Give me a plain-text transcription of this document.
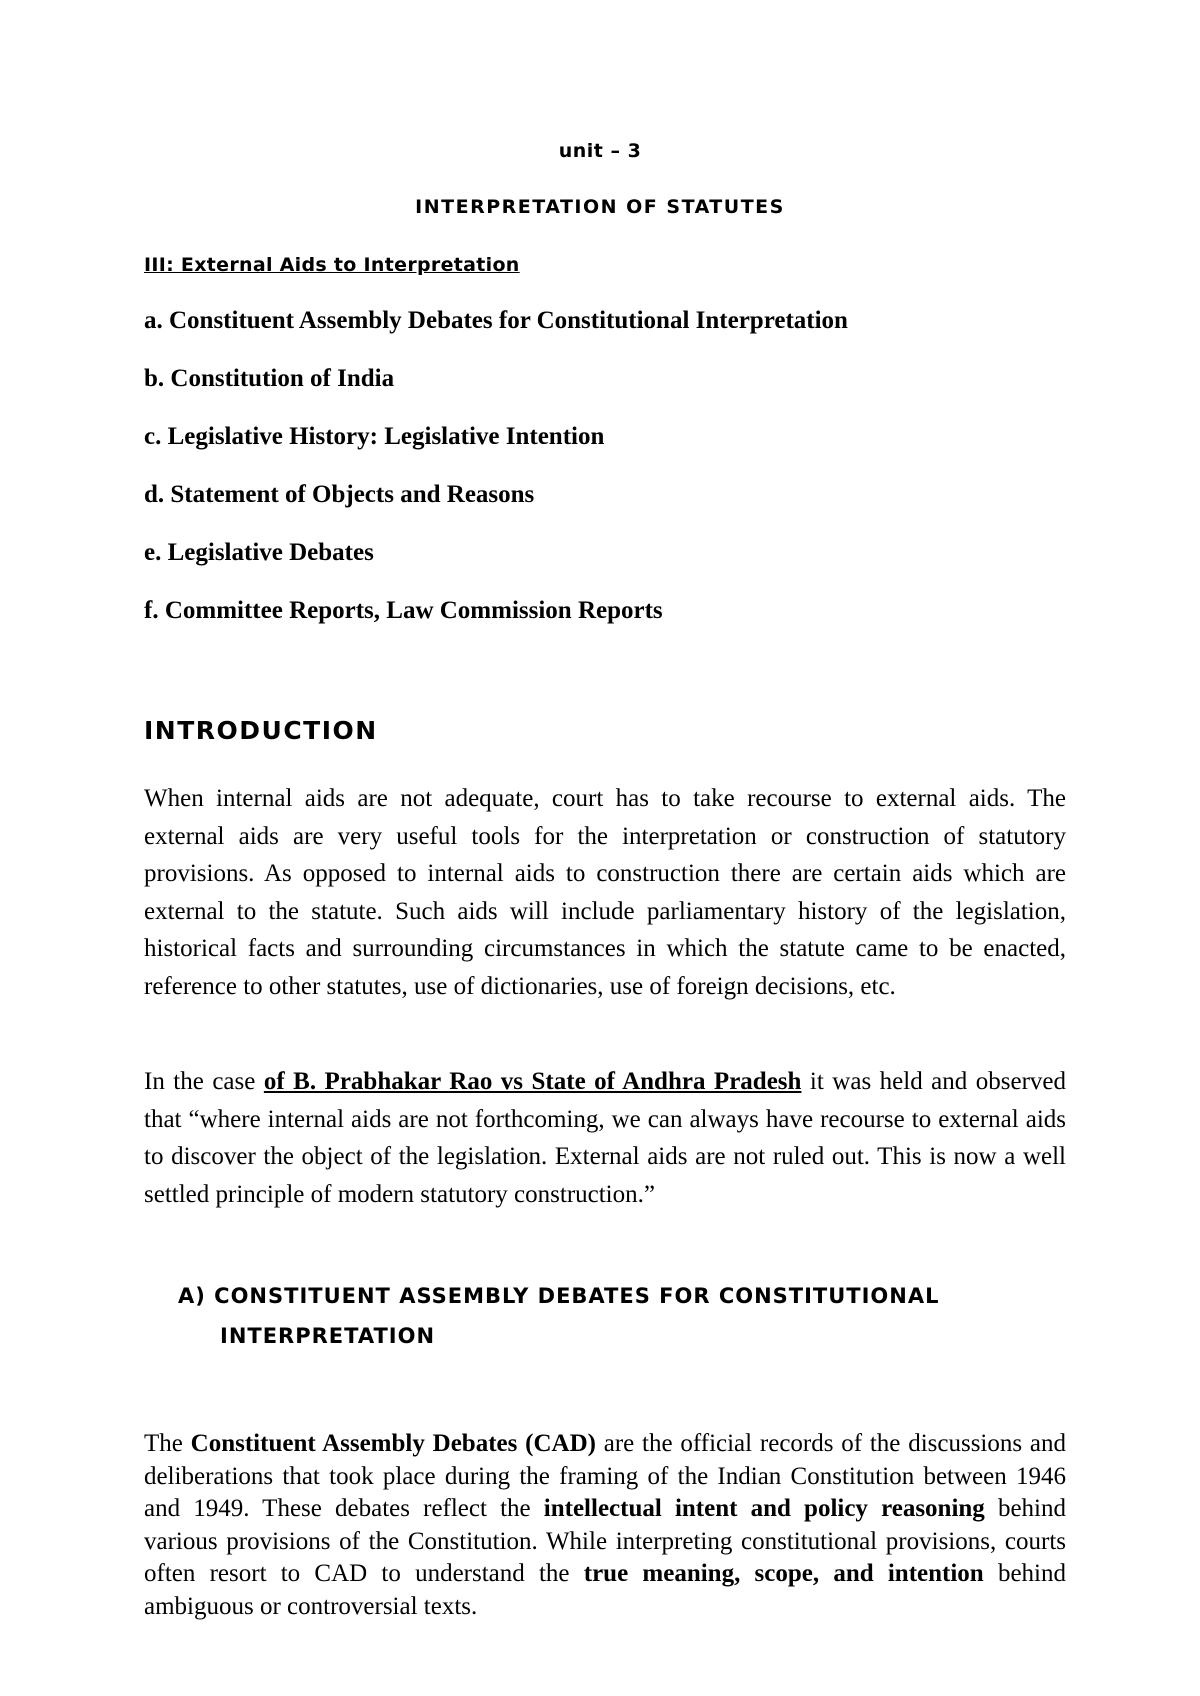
unit – 3
INTERPRETATION OF STATUTES
III: External Aids to Interpretation
a. Constituent Assembly Debates for Constitutional Interpretation
b. Constitution of India
c. Legislative History: Legislative Intention
d. Statement of Objects and Reasons
e. Legislative Debates
f. Committee Reports, Law Commission Reports
INTRODUCTION

When internal aids are not adequate, court has to take recourse to external aids. The external aids are very useful tools for the interpretation or construction of statutory provisions. As opposed to internal aids to construction there are certain aids which are external to the statute. Such aids will include parliamentary history of the legislation, historical facts and surrounding circumstances in which the statute came to be enacted, reference to other statutes, use of dictionaries, use of foreign decisions, etc.

In the case of B. Prabhakar Rao vs State of Andhra Pradesh it was held and observed that “where internal aids are not forthcoming, we can always have recourse to external aids to discover the object of the legislation. External aids are not ruled out. This is now a well settled principle of modern statutory construction.”

A) CONSTITUENT ASSEMBLY DEBATES FOR CONSTITUTIONAL
INTERPRETATION

The Constituent Assembly Debates (CAD) are the official records of the discussions and deliberations that took place during the framing of the Indian Constitution between 1946 and 1949. These debates reflect the intellectual intent and policy reasoning behind various provisions of the Constitution. While interpreting constitutional provisions, courts often resort to CAD to understand the true meaning, scope, and intention behind ambiguous or controversial texts.
